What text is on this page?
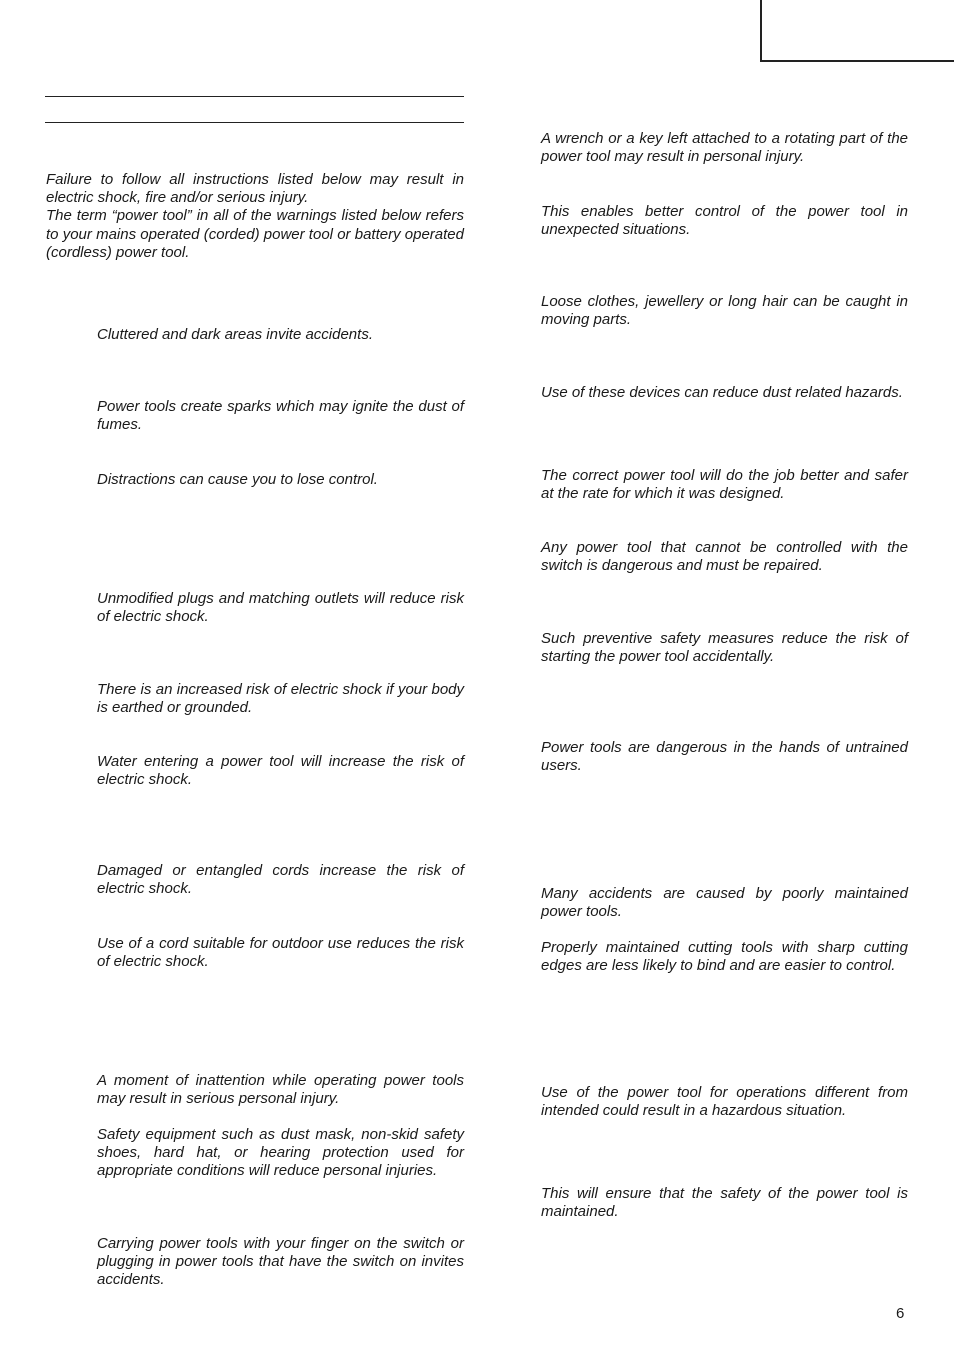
Failure to follow all instructions listed below may result in electric shock, fire and/or serious injury.
The term “power tool” in all of the warnings listed below refers to your mains operated (corded) power tool or battery operated (cordless) power tool.

Cluttered and dark areas invite accidents.

Power tools create sparks which may ignite the dust of fumes.

Distractions can cause you to lose control.

Unmodified plugs and matching outlets will reduce risk of electric shock.

There is an increased risk of electric shock if your body is earthed or grounded.

Water entering a power tool will increase the risk of electric shock.

Damaged or entangled cords increase the risk of electric shock.

Use of a cord suitable for outdoor use reduces the risk of electric shock.

A moment of inattention while operating power tools may result in serious personal injury.

Safety equipment such as dust mask, non-skid safety shoes, hard hat, or hearing protection used for appropriate conditions will reduce personal injuries.

Carrying power tools with your finger on the switch or plugging in power tools that have the switch on invites accidents.

A wrench or a key left attached to a rotating part of the power tool may result in personal injury.

This enables better control of the power tool in unexpected situations.

Loose clothes, jewellery or long hair can be caught in moving parts.

Use of these devices can reduce dust related hazards.

The correct power tool will do the job better and safer at the rate for which it was designed.

Any power tool that cannot be controlled with the switch is dangerous and must be repaired.

Such preventive safety measures reduce the risk of starting the power tool accidentally.

Power tools are dangerous in the hands of untrained users.

Many accidents are caused by poorly maintained power tools.

Properly maintained cutting tools with sharp cutting edges are less likely to bind and are easier to control.

Use of the power tool for operations different from intended could result in a hazardous situation.

This will ensure that the safety of the power tool is maintained.

6
